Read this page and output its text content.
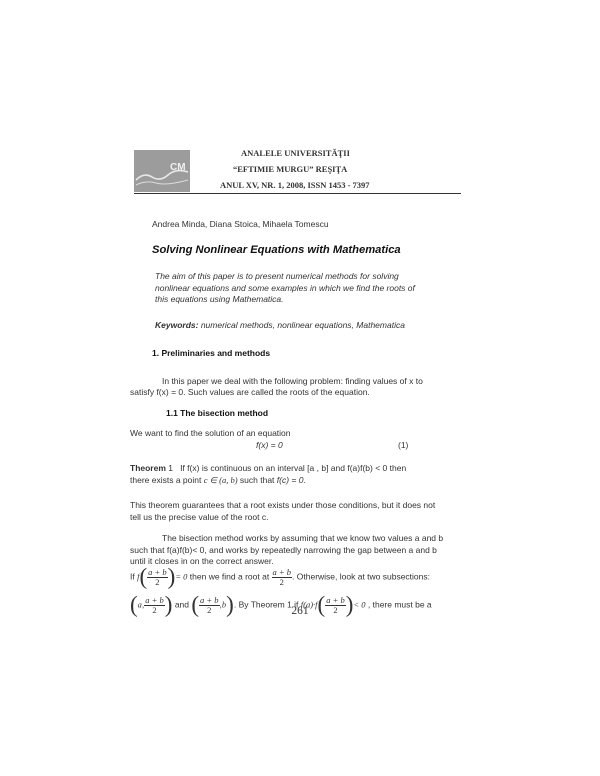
CM
ANALELE UNIVERSITĂŢII
“EFTIMIE MURGU” REŞIŢA
ANUL XV, NR. 1, 2008, ISSN 1453 - 7397
Andrea Minda, Diana Stoica, Mihaela Tomescu
Solving Nonlinear Equations with Mathematica
The aim of this paper is to present numerical methods for solving
nonlinear equations and some examples in which we find the roots of
this equations using Mathematica.
Keywords: numerical methods, nonlinear equations, Mathematica
1. Preliminaries and methods
In this paper we deal with the following problem: finding values of x to
satisfy f(x) = 0. Such values are called the roots of the equation.
1.1 The bisection method
We want to find the solution of an equation
f(x) = 0	(1)
Theorem 1 If f(x) is continuous on an interval [a , b] and f(a)f(b) < 0 then
there exists a point c ∈ (a, b) such that f(c) = 0.
This theorem guarantees that a root exists under those conditions, but it does not
tell us the precise value of the root c.
The bisection method works by assuming that we know two values a and b
such that f(a)f(b)< 0, and works by repeatedly narrowing the gap between a and b
until it closes in on the correct answer.
If $f( \frac{a + b}{2}$ )= 0 then we find a root at $\frac{a + b}{2}$ . Otherwise, look at two subsections:
(a, $\frac{a + b}{2}$ ) and ( $\frac{a + b}{2} ,b$). By Theorem 1 if $f(a)\cdot f( \frac{a + b}{2}$ )< 0 , there must be a
261
